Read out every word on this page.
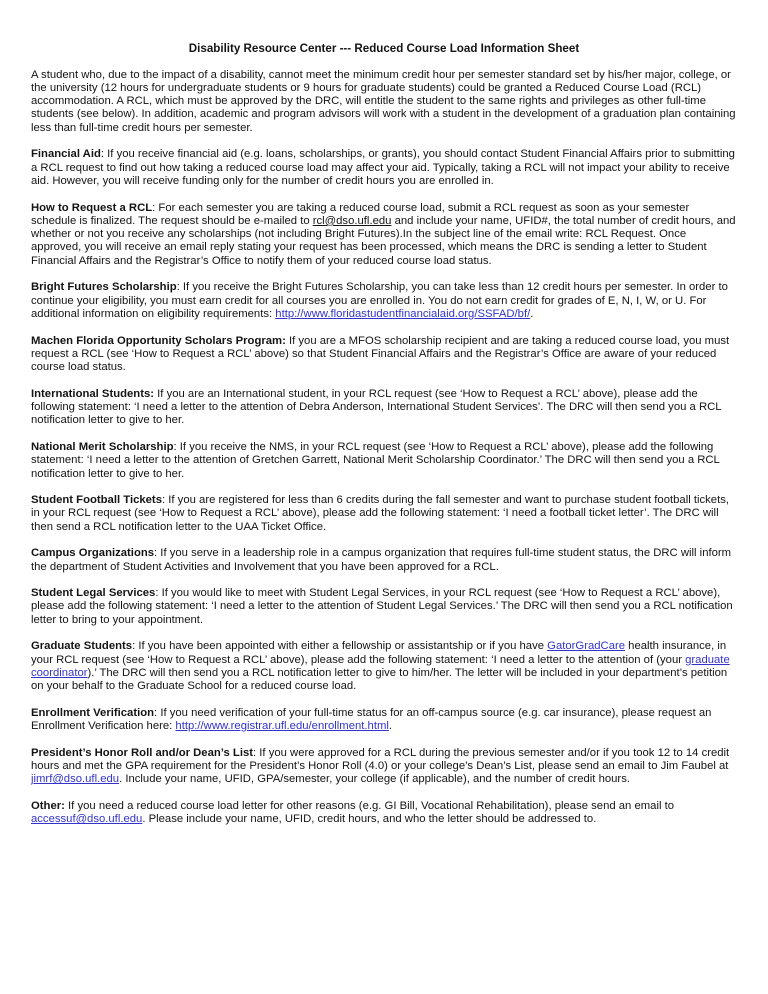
Disability Resource Center --- Reduced Course Load Information Sheet

A student who, due to the impact of a disability, cannot meet the minimum credit hour per semester standard set by his/her major, college, or the university (12 hours for undergraduate students or 9 hours for graduate students) could be granted a Reduced Course Load (RCL) accommodation. A RCL, which must be approved by the DRC, will entitle the student to the same rights and privileges as other full-time students (see below). In addition, academic and program advisors will work with a student in the development of a graduation plan containing less than full-time credit hours per semester.

Financial Aid: If you receive financial aid (e.g. loans, scholarships, or grants), you should contact Student Financial Affairs prior to submitting a RCL request to find out how taking a reduced course load may affect your aid. Typically, taking a RCL will not impact your ability to receive aid. However, you will receive funding only for the number of credit hours you are enrolled in.

How to Request a RCL: For each semester you are taking a reduced course load, submit a RCL request as soon as your semester schedule is finalized. The request should be e-mailed to rcl@dso.ufl.edu and include your name, UFID#, the total number of credit hours, and whether or not you receive any scholarships (not including Bright Futures).In the subject line of the email write: RCL Request. Once approved, you will receive an email reply stating your request has been processed, which means the DRC is sending a letter to Student Financial Affairs and the Registrar’s Office to notify them of your reduced course load status.

Bright Futures Scholarship: If you receive the Bright Futures Scholarship, you can take less than 12 credit hours per semester. In order to continue your eligibility, you must earn credit for all courses you are enrolled in. You do not earn credit for grades of E, N, I, W, or U. For additional information on eligibility requirements: http://www.floridastudentfinancialaid.org/SSFAD/bf/.

Machen Florida Opportunity Scholars Program: If you are a MFOS scholarship recipient and are taking a reduced course load, you must request a RCL (see ‘How to Request a RCL’ above) so that Student Financial Affairs and the Registrar’s Office are aware of your reduced course load status.

International Students: If you are an International student, in your RCL request (see ‘How to Request a RCL’ above), please add the following statement: ‘I need a letter to the attention of Debra Anderson, International Student Services’. The DRC will then send you a RCL notification letter to give to her.

National Merit Scholarship: If you receive the NMS, in your RCL request (see ‘How to Request a RCL’ above), please add the following statement: ‘I need a letter to the attention of Gretchen Garrett, National Merit Scholarship Coordinator.’ The DRC will then send you a RCL notification letter to give to her.

Student Football Tickets: If you are registered for less than 6 credits during the fall semester and want to purchase student football tickets, in your RCL request (see ‘How to Request a RCL’ above), please add the following statement: ‘I need a football ticket letter’. The DRC will then send a RCL notification letter to the UAA Ticket Office.

Campus Organizations: If you serve in a leadership role in a campus organization that requires full-time student status, the DRC will inform the department of Student Activities and Involvement that you have been approved for a RCL.

Student Legal Services: If you would like to meet with Student Legal Services, in your RCL request (see ‘How to Request a RCL’ above), please add the following statement: ‘I need a letter to the attention of Student Legal Services.’ The DRC will then send you a RCL notification letter to bring to your appointment.

Graduate Students: If you have been appointed with either a fellowship or assistantship or if you have GatorGradCare health insurance, in your RCL request (see ‘How to Request a RCL’ above), please add the following statement: ‘I need a letter to the attention of (your graduate coordinator).’ The DRC will then send you a RCL notification letter to give to him/her. The letter will be included in your department’s petition on your behalf to the Graduate School for a reduced course load.

Enrollment Verification: If you need verification of your full-time status for an off-campus source (e.g. car insurance), please request an Enrollment Verification here: http://www.registrar.ufl.edu/enrollment.html.

President’s Honor Roll and/or Dean’s List: If you were approved for a RCL during the previous semester and/or if you took 12 to 14 credit hours and met the GPA requirement for the President’s Honor Roll (4.0) or your college’s Dean’s List, please send an email to Jim Faubel at jimrf@dso.ufl.edu. Include your name, UFID, GPA/semester, your college (if applicable), and the number of credit hours.

Other: If you need a reduced course load letter for other reasons (e.g. GI Bill, Vocational Rehabilitation), please send an email to accessuf@dso.ufl.edu. Please include your name, UFID, credit hours, and who the letter should be addressed to.
